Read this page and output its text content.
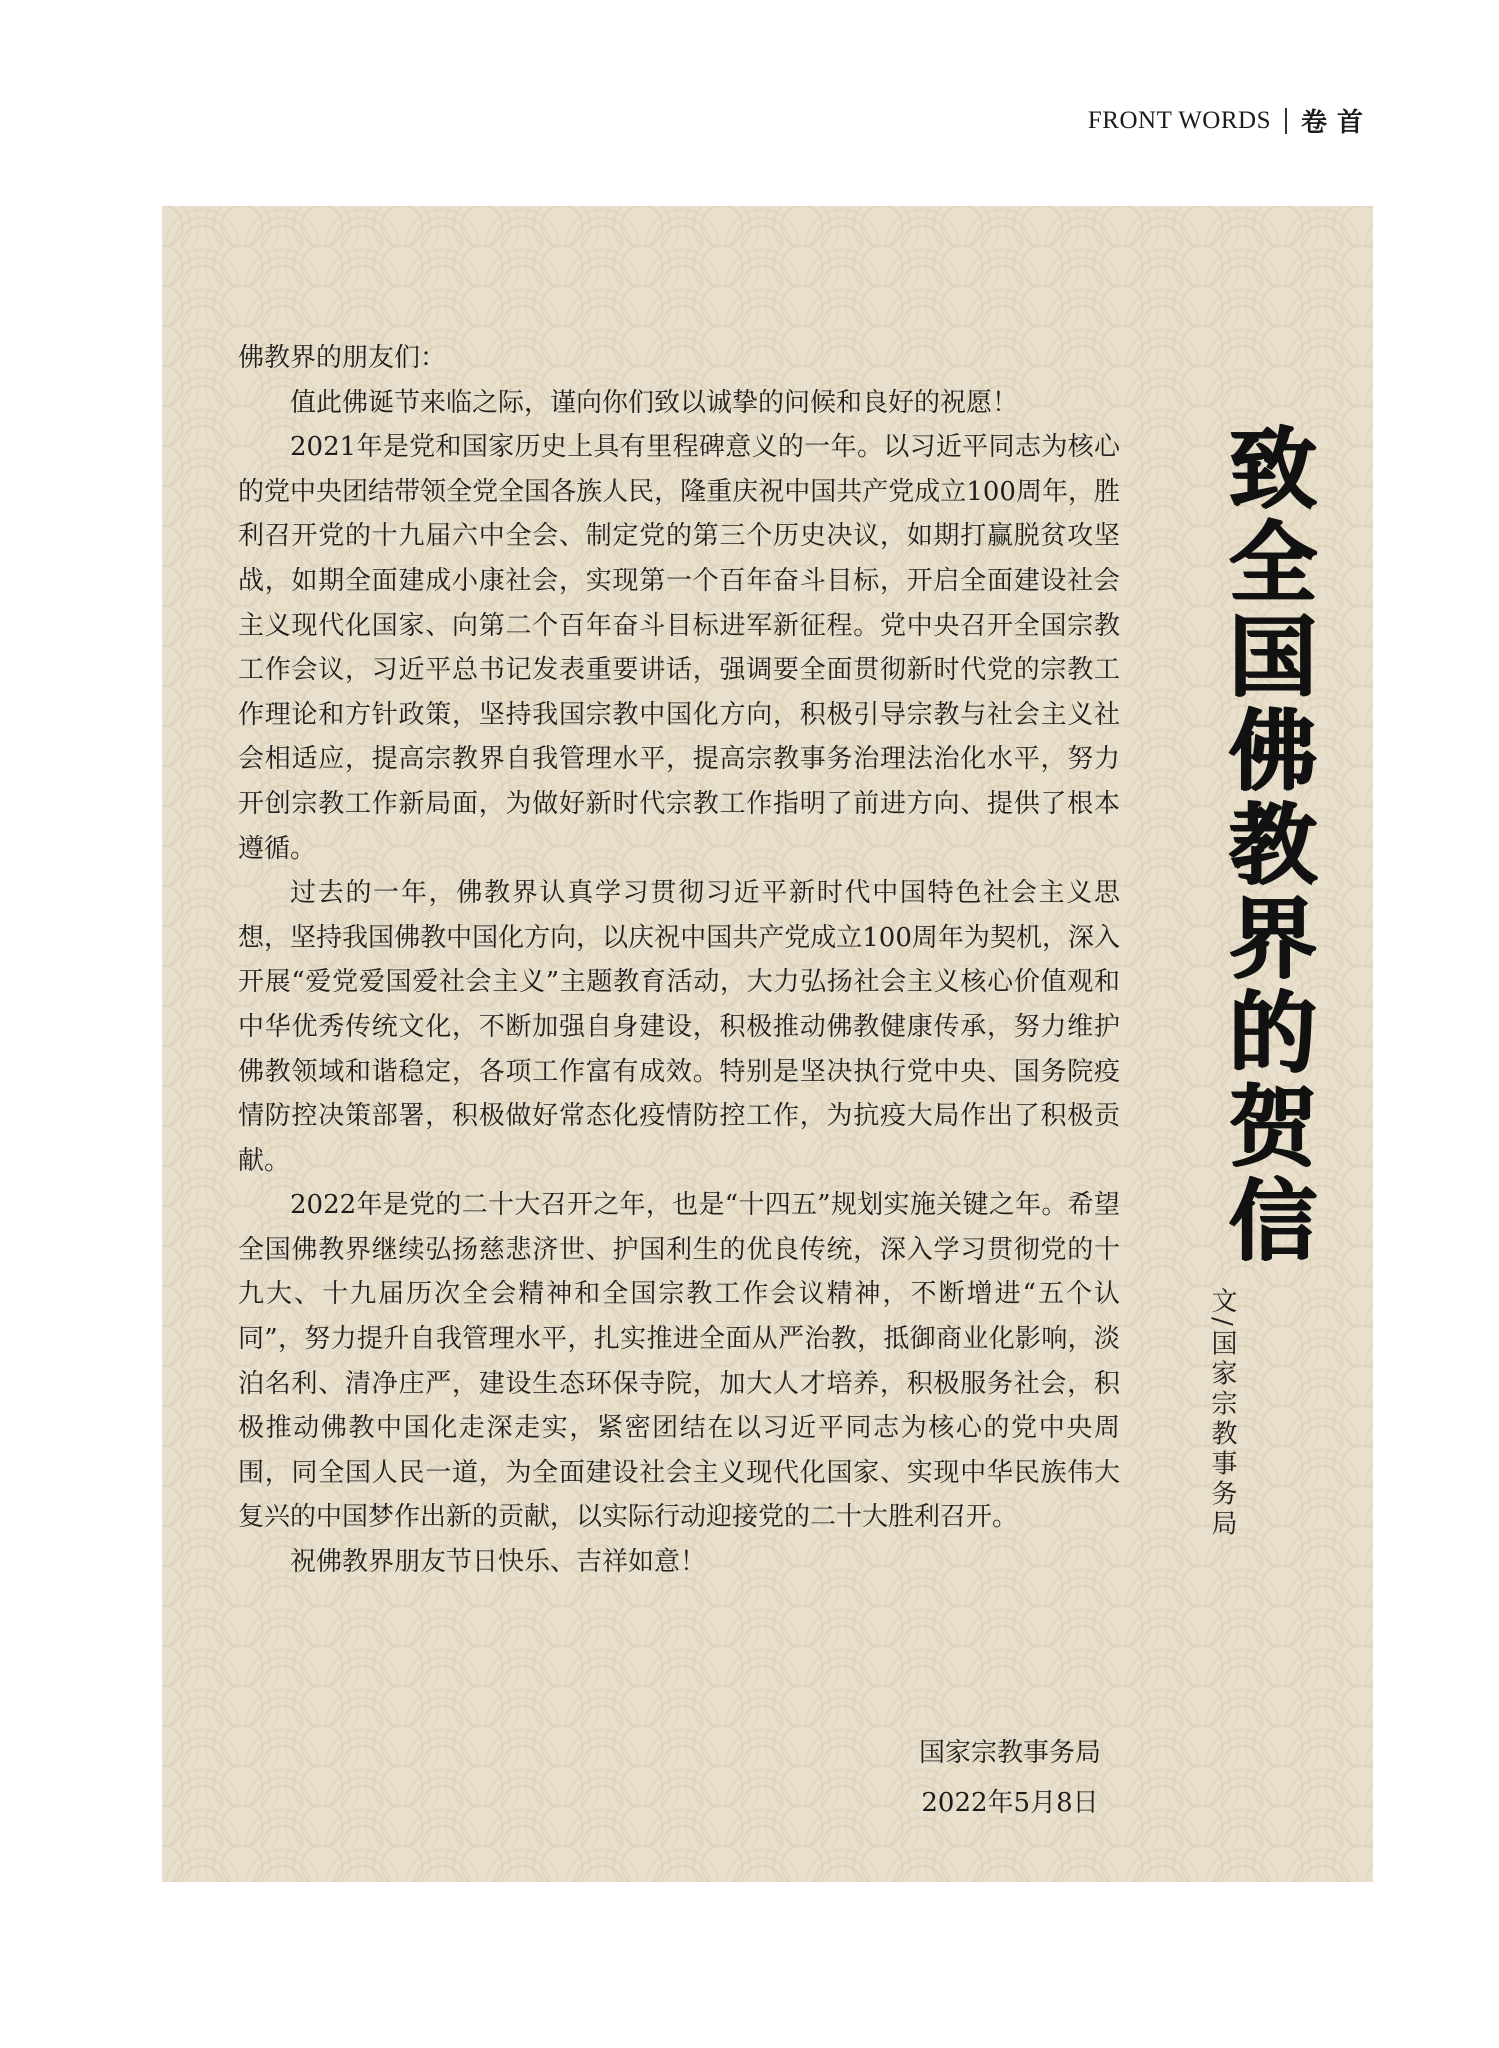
FRONT WORDS 卷首

佛教界的朋友们：

值此佛诞节来临之际，谨向你们致以诚挚的问候和良好的祝愿！

2021年是党和国家历史上具有里程碑意义的一年。以习近平同志为核心的党中央团结带领全党全国各族人民，隆重庆祝中国共产党成立100周年，胜利召开党的十九届六中全会、制定党的第三个历史决议，如期打赢脱贫攻坚战，如期全面建成小康社会，实现第一个百年奋斗目标，开启全面建设社会主义现代化国家、向第二个百年奋斗目标进军新征程。党中央召开全国宗教工作会议，习近平总书记发表重要讲话，强调要全面贯彻新时代党的宗教工作理论和方针政策，坚持我国宗教中国化方向，积极引导宗教与社会主义社会相适应，提高宗教界自我管理水平，提高宗教事务治理法治化水平，努力开创宗教工作新局面，为做好新时代宗教工作指明了前进方向、提供了根本遵循。

过去的一年，佛教界认真学习贯彻习近平新时代中国特色社会主义思想，坚持我国佛教中国化方向，以庆祝中国共产党成立100周年为契机，深入开展“爱党爱国爱社会主义”主题教育活动，大力弘扬社会主义核心价值观和中华优秀传统文化，不断加强自身建设，积极推动佛教健康传承，努力维护佛教领域和谐稳定，各项工作富有成效。特别是坚决执行党中央、国务院疫情防控决策部署，积极做好常态化疫情防控工作，为抗疫大局作出了积极贡献。

2022年是党的二十大召开之年，也是“十四五”规划实施关键之年。希望全国佛教界继续弘扬慈悲济世、护国利生的优良传统，深入学习贯彻党的十九大、十九届历次全会精神和全国宗教工作会议精神，不断增进“五个认同”，努力提升自我管理水平，扎实推进全面从严治教，抵御商业化影响，淡泊名利、清净庄严，建设生态环保寺院，加大人才培养，积极服务社会，积极推动佛教中国化走深走实，紧密团结在以习近平同志为核心的党中央周围，同全国人民一道，为全面建设社会主义现代化国家、实现中华民族伟大复兴的中国梦作出新的贡献，以实际行动迎接党的二十大胜利召开。

祝佛教界朋友节日快乐、吉祥如意！

国家宗教事务局
2022年5月8日
致全国佛教界的贺信
文/国家宗教事务局
